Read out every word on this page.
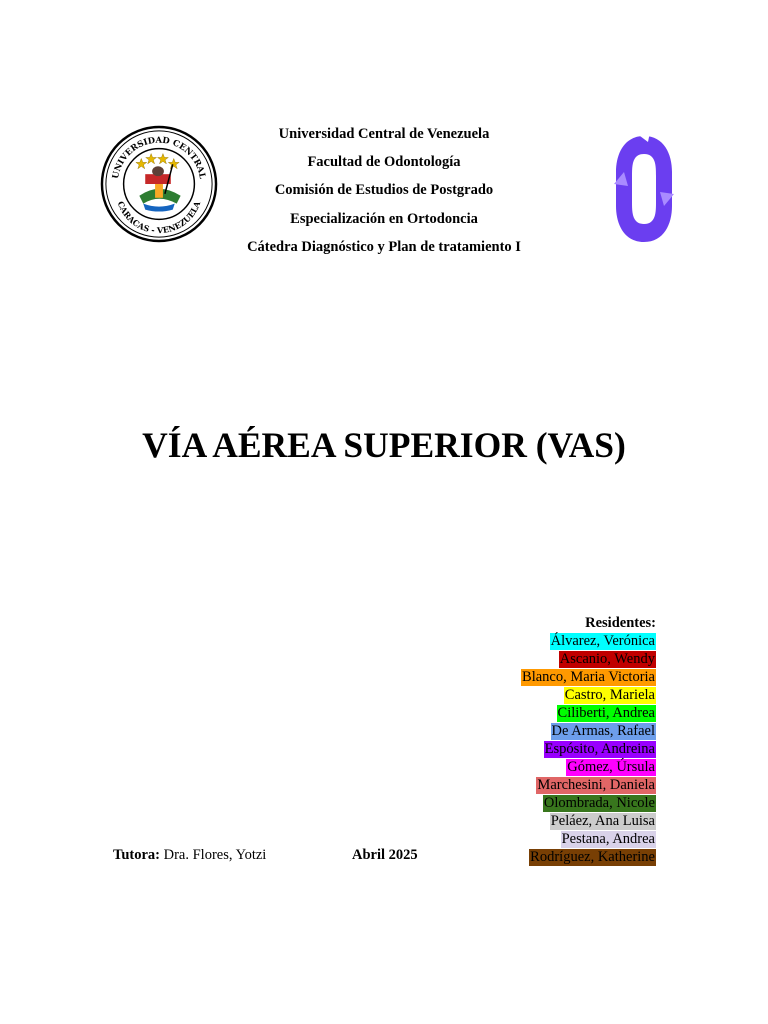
UNIVERSIDAD CENTRAL
CARACAS - VENEZUELA
Universidad Central de Venezuela
Facultad de Odontología
Comisión de Estudios de Postgrado
Especialización en Ortodoncia
Cátedra Diagnóstico y Plan de tratamiento I
VÍA AÉREA SUPERIOR (VAS)
Residentes:
Álvarez, Verónica
Ascanio, Wendy
Blanco, Maria Victoria
Castro, Mariela
Ciliberti, Andrea
De Armas, Rafael
Espósito, Andreina
Gómez, Úrsula
Marchesini, Daniela
Olombrada, Nicole
Peláez, Ana Luisa
Pestana, Andrea
Rodríguez, Katherine
Tutora: Dra. Flores, Yotzi	Abril 2025
